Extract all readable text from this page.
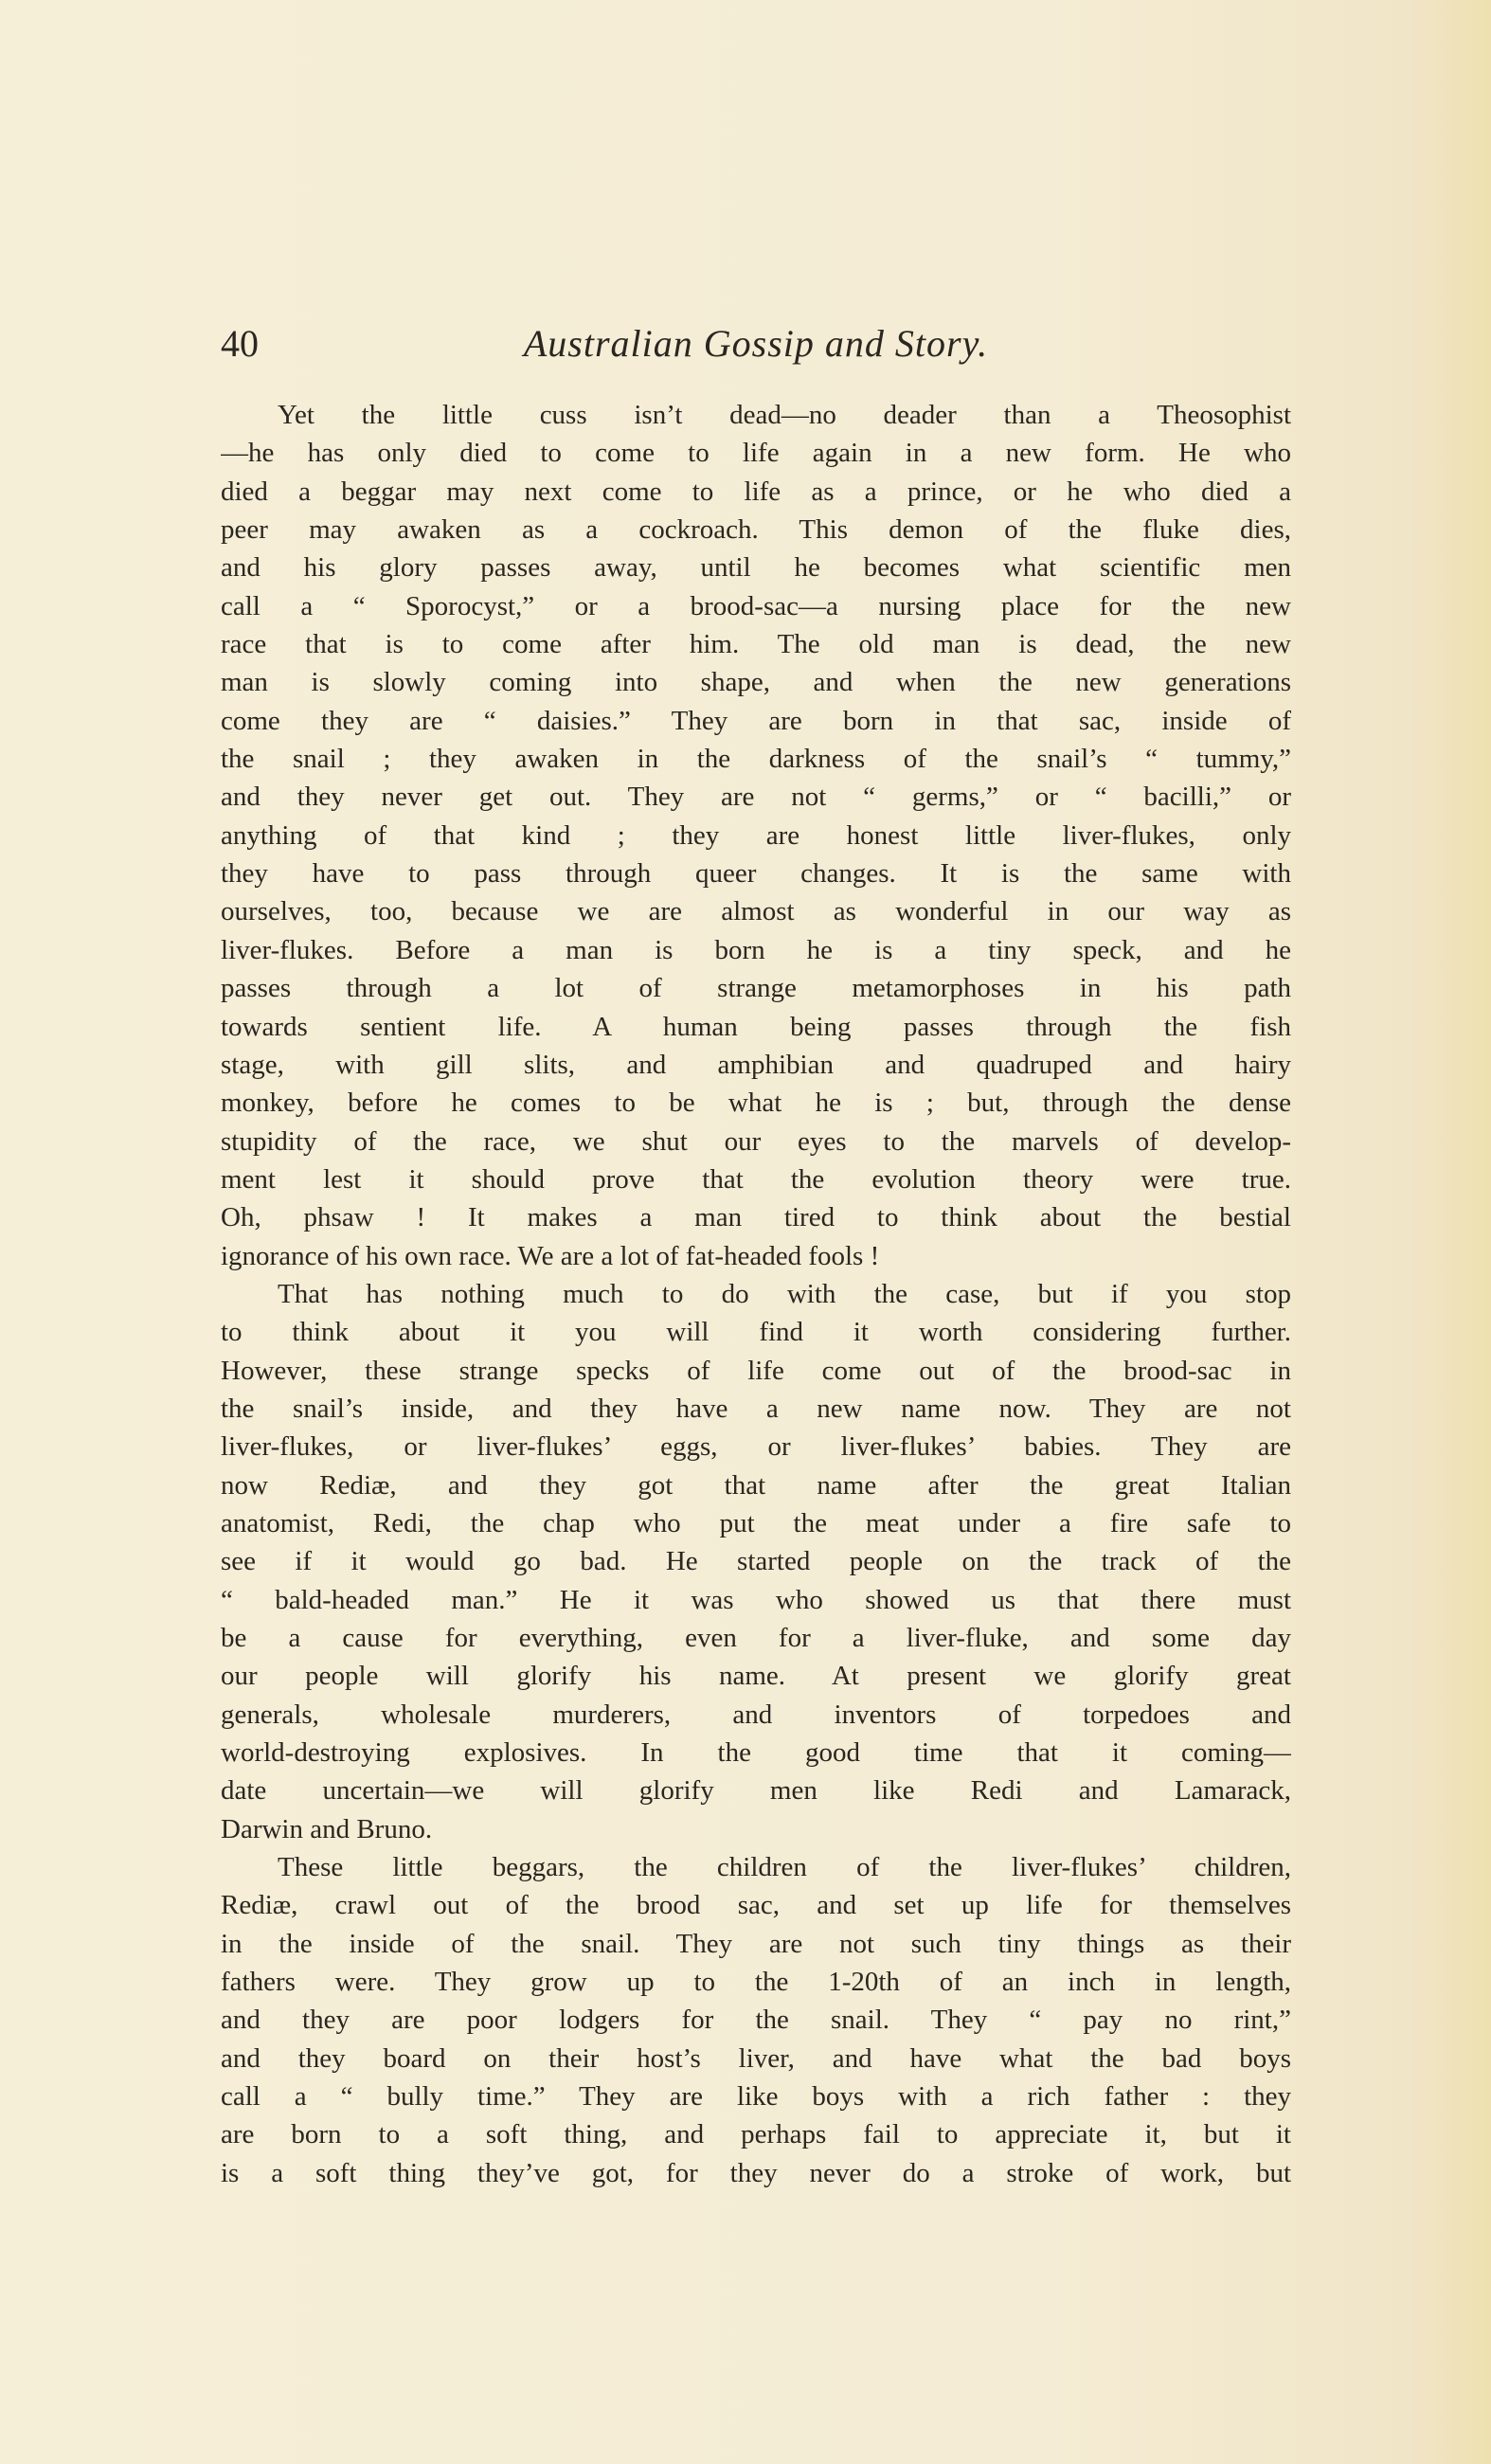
40	Australian Gossip and Story.
Yet the little cuss isn’t dead—no deader than a Theosophist
—he has only died to come to life again in a new form. He who
died a beggar may next come to life as a prince, or he who died a
peer may awaken as a cockroach. This demon of the fluke dies,
and his glory passes away, until he becomes what scientific men
call a “ Sporocyst,” or a brood-sac—a nursing place for the new
race that is to come after him. The old man is dead, the new
man is slowly coming into shape, and when the new generations
come they are “ daisies.” They are born in that sac, inside of
the snail ; they awaken in the darkness of the snail’s “ tummy,”
and they never get out. They are not “ germs,” or “ bacilli,” or
anything of that kind ; they are honest little liver-flukes, only
they have to pass through queer changes. It is the same with
ourselves, too, because we are almost as wonderful in our way as
liver-flukes. Before a man is born he is a tiny speck, and he
passes through a lot of strange metamorphoses in his path
towards sentient life. A human being passes through the fish
stage, with gill slits, and amphibian and quadruped and hairy
monkey, before he comes to be what he is ; but, through the dense
stupidity of the race, we shut our eyes to the marvels of develop-
ment lest it should prove that the evolution theory were true.
Oh, phsaw ! It makes a man tired to think about the bestial
ignorance of his own race. We are a lot of fat-headed fools !
That has nothing much to do with the case, but if you stop
to think about it you will find it worth considering further.
However, these strange specks of life come out of the brood-sac in
the snail’s inside, and they have a new name now. They are not
liver-flukes, or liver-flukes’ eggs, or liver-flukes’ babies. They are
now Rediæ, and they got that name after the great Italian
anatomist, Redi, the chap who put the meat under a fire safe to
see if it would go bad. He started people on the track of the
“ bald-headed man.” He it was who showed us that there must
be a cause for everything, even for a liver-fluke, and some day
our people will glorify his name. At present we glorify great
generals, wholesale murderers, and inventors of torpedoes and
world-destroying explosives. In the good time that it coming—
date uncertain—we will glorify men like Redi and Lamarack,
Darwin and Bruno.
These little beggars, the children of the liver-flukes’ children,
Rediæ, crawl out of the brood sac, and set up life for themselves
in the inside of the snail. They are not such tiny things as their
fathers were. They grow up to the 1-20th of an inch in length,
and they are poor lodgers for the snail. They “ pay no rint,”
and they board on their host’s liver, and have what the bad boys
call a “ bully time.” They are like boys with a rich father : they
are born to a soft thing, and perhaps fail to appreciate it, but it
is a soft thing they’ve got, for they never do a stroke of work, but
